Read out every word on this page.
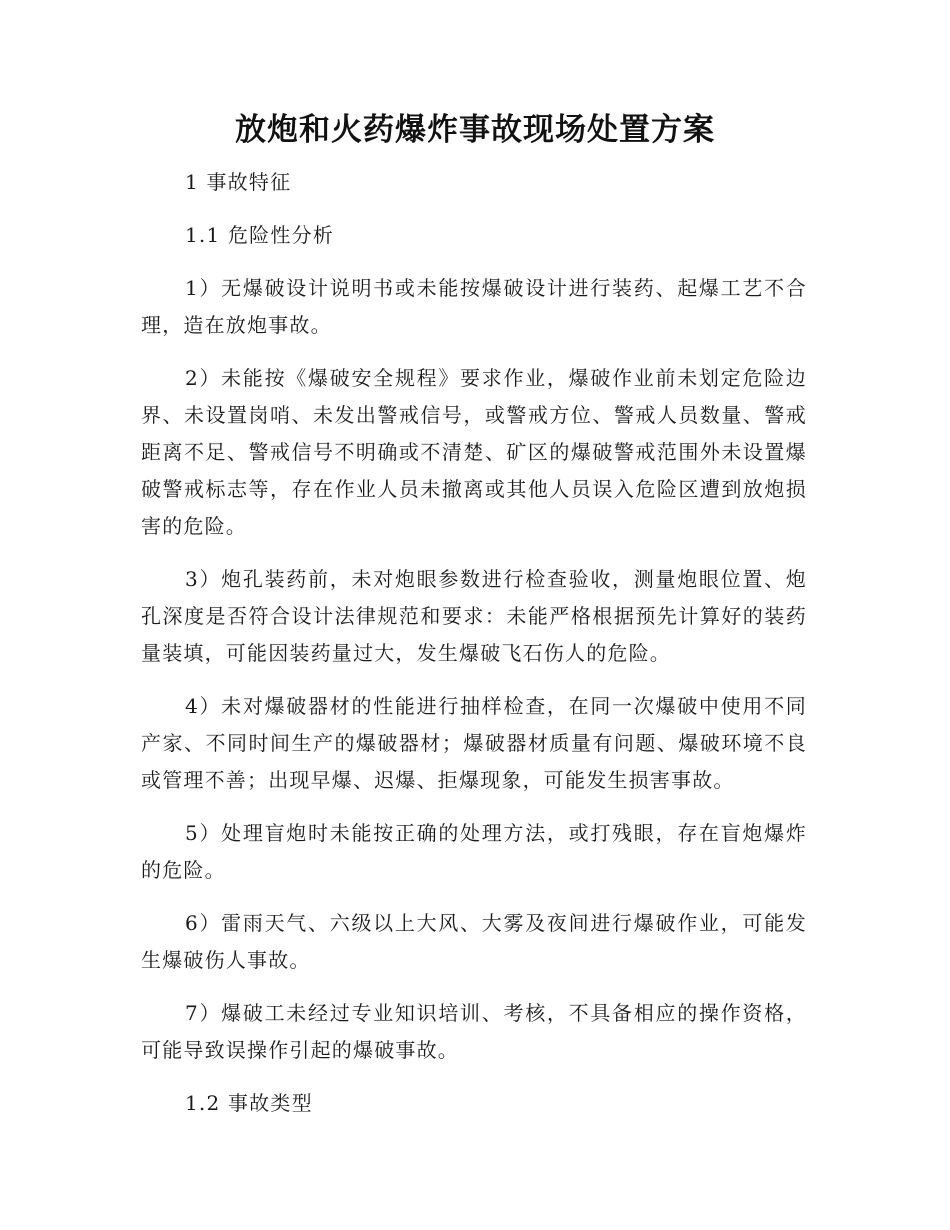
放炮和火药爆炸事故现场处置方案

1 事故特征

1.1 危险性分析

1）无爆破设计说明书或未能按爆破设计进行装药、起爆工艺不合理，造在放炮事故。

2）未能按《爆破安全规程》要求作业，爆破作业前未划定危险边界、未设置岗哨、未发出警戒信号，或警戒方位、警戒人员数量、警戒距离不足、警戒信号不明确或不清楚、矿区的爆破警戒范围外未设置爆破警戒标志等，存在作业人员未撤离或其他人员误入危险区遭到放炮损害的危险。

3）炮孔装药前，未对炮眼参数进行检查验收，测量炮眼位置、炮孔深度是否符合设计法律规范和要求：未能严格根据预先计算好的装药量装填，可能因装药量过大，发生爆破飞石伤人的危险。

4）未对爆破器材的性能进行抽样检查，在同一次爆破中使用不同产家、不同时间生产的爆破器材；爆破器材质量有问题、爆破环境不良或管理不善；出现早爆、迟爆、拒爆现象，可能发生损害事故。

5）处理盲炮时未能按正确的处理方法，或打残眼，存在盲炮爆炸的危险。

6）雷雨天气、六级以上大风、大雾及夜间进行爆破作业，可能发生爆破伤人事故。

7）爆破工未经过专业知识培训、考核，不具备相应的操作资格，可能导致误操作引起的爆破事故。

1.2 事故类型
